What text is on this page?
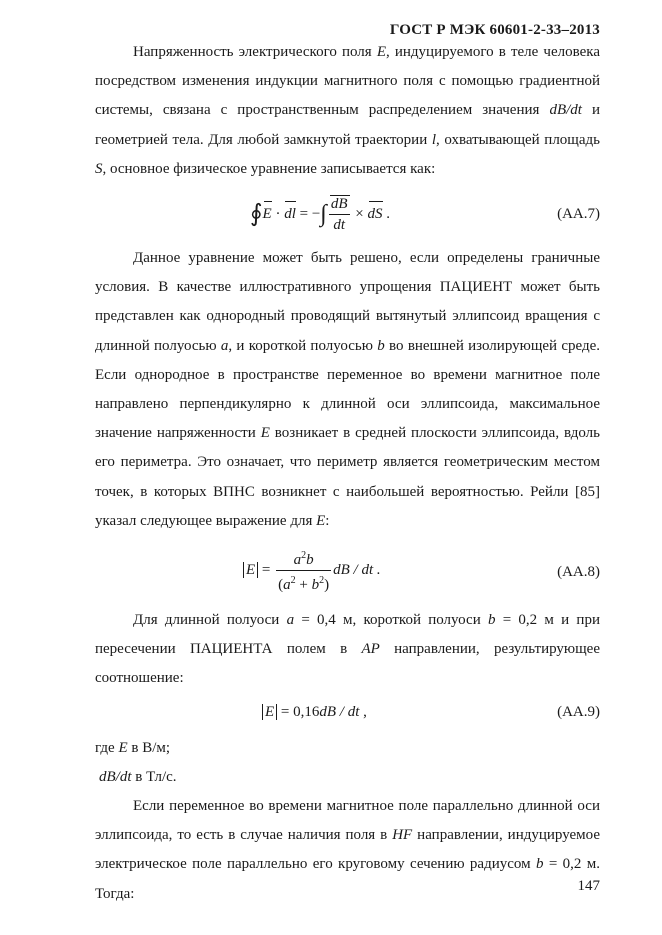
ГОСТ Р МЭК 60601-2-33–2013

Напряженность электрического поля E, индуцируемого в теле человека посредством изменения индукции магнитного поля с помощью градиентной системы, связана с пространственным распределением значения dB/dt и геометрией тела. Для любой замкнутой траектории l, охватывающей площадь S, основное физическое уравнение записывается как:

∮E · dl = −∫ $\frac{dB}{dt}$ × dS .	(АА.7)

Данное уравнение может быть решено, если определены граничные условия. В качестве иллюстративного упрощения ПАЦИЕНТ может быть представлен как однородный проводящий вытянутый эллипсоид вращения с длинной полуосью a, и короткой полуосью b во внешней изолирующей среде. Если однородное в пространстве переменное во времени магнитное поле направлено перпендикулярно к длинной оси эллипсоида, максимальное значение напряженности E возникает в средней плоскости эллипсоида, вдоль его периметра. Это означает, что периметр является геометрическим местом точек, в которых ВПНС возникнет с наибольшей вероятностью. Рейли [85] указал следующее выражение для E:

$E = \frac{a^2b}{(a^2 + b^2)}$ dB / dt .	(АА.8)

Для длинной полуоси a = 0,4 м, короткой полуоси b = 0,2 м и при пересечении ПАЦИЕНТА полем в AP направлении, результирующее соотношение:

E = 0,16dB / dt ,	(АА.9)

где E в В/м;

dB/dt в Тл/с.

Если переменное во времени магнитное поле параллельно длинной оси эллипсоида, то есть в случае наличия поля в HF направлении, индуцируемое электрическое поле параллельно его круговому сечению радиусом b = 0,2 м. Тогда:	147
